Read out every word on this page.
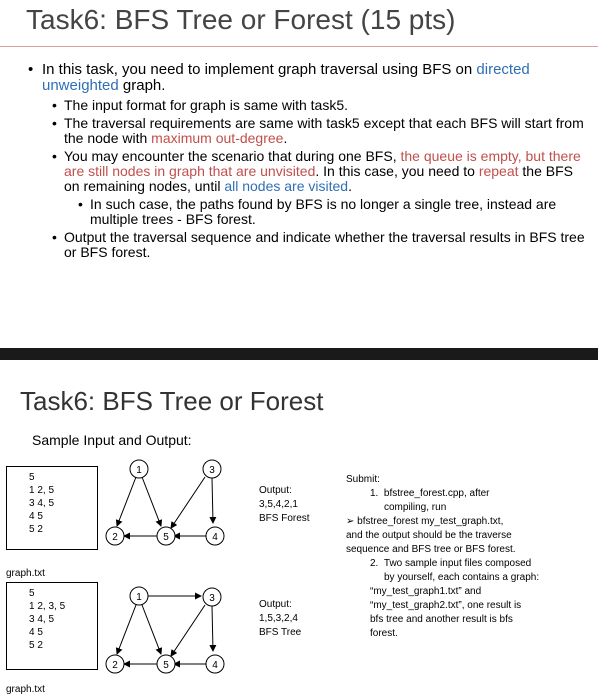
Task6: BFS Tree or Forest (15 pts)
• In this task, you need to implement graph traversal using BFS on directed unweighted graph.
• The input format for graph is same with task5.
• The traversal requirements are same with task5 except that each BFS will start from the node with maximum out-degree.
• You may encounter the scenario that during one BFS, the queue is empty, but there are still nodes in graph that are unvisited. In this case, you need to repeat the BFS on remaining nodes, until all nodes are visited.
• In such case, the paths found by BFS is no longer a single tree, instead are multiple trees - BFS forest.
• Output the traversal sequence and indicate whether the traversal results in BFS tree or BFS forest.
Task6: BFS Tree or Forest
Sample Input and Output:
5
1 2, 5
3 4, 5
4 5
5 2
graph.txt
1	3
2	5	4
Output:
3,5,4,2,1
BFS Forest
5
1 2, 3, 5
3 4, 5
4 5
5 2
graph.txt
1	3
2	5	4
Output:
1,5,3,2,4
BFS Tree
Submit:
1. bfstree_forest.cpp, after
compiling, run
➢ bfstree_forest my_test_graph.txt,
and the output should be the traverse
sequence and BFS tree or BFS forest.
2. Two sample input files composed
by yourself, each contains a graph:
“my_test_graph1.txt” and
“my_test_graph2.txt”, one result is
bfs tree and another result is bfs
forest.
